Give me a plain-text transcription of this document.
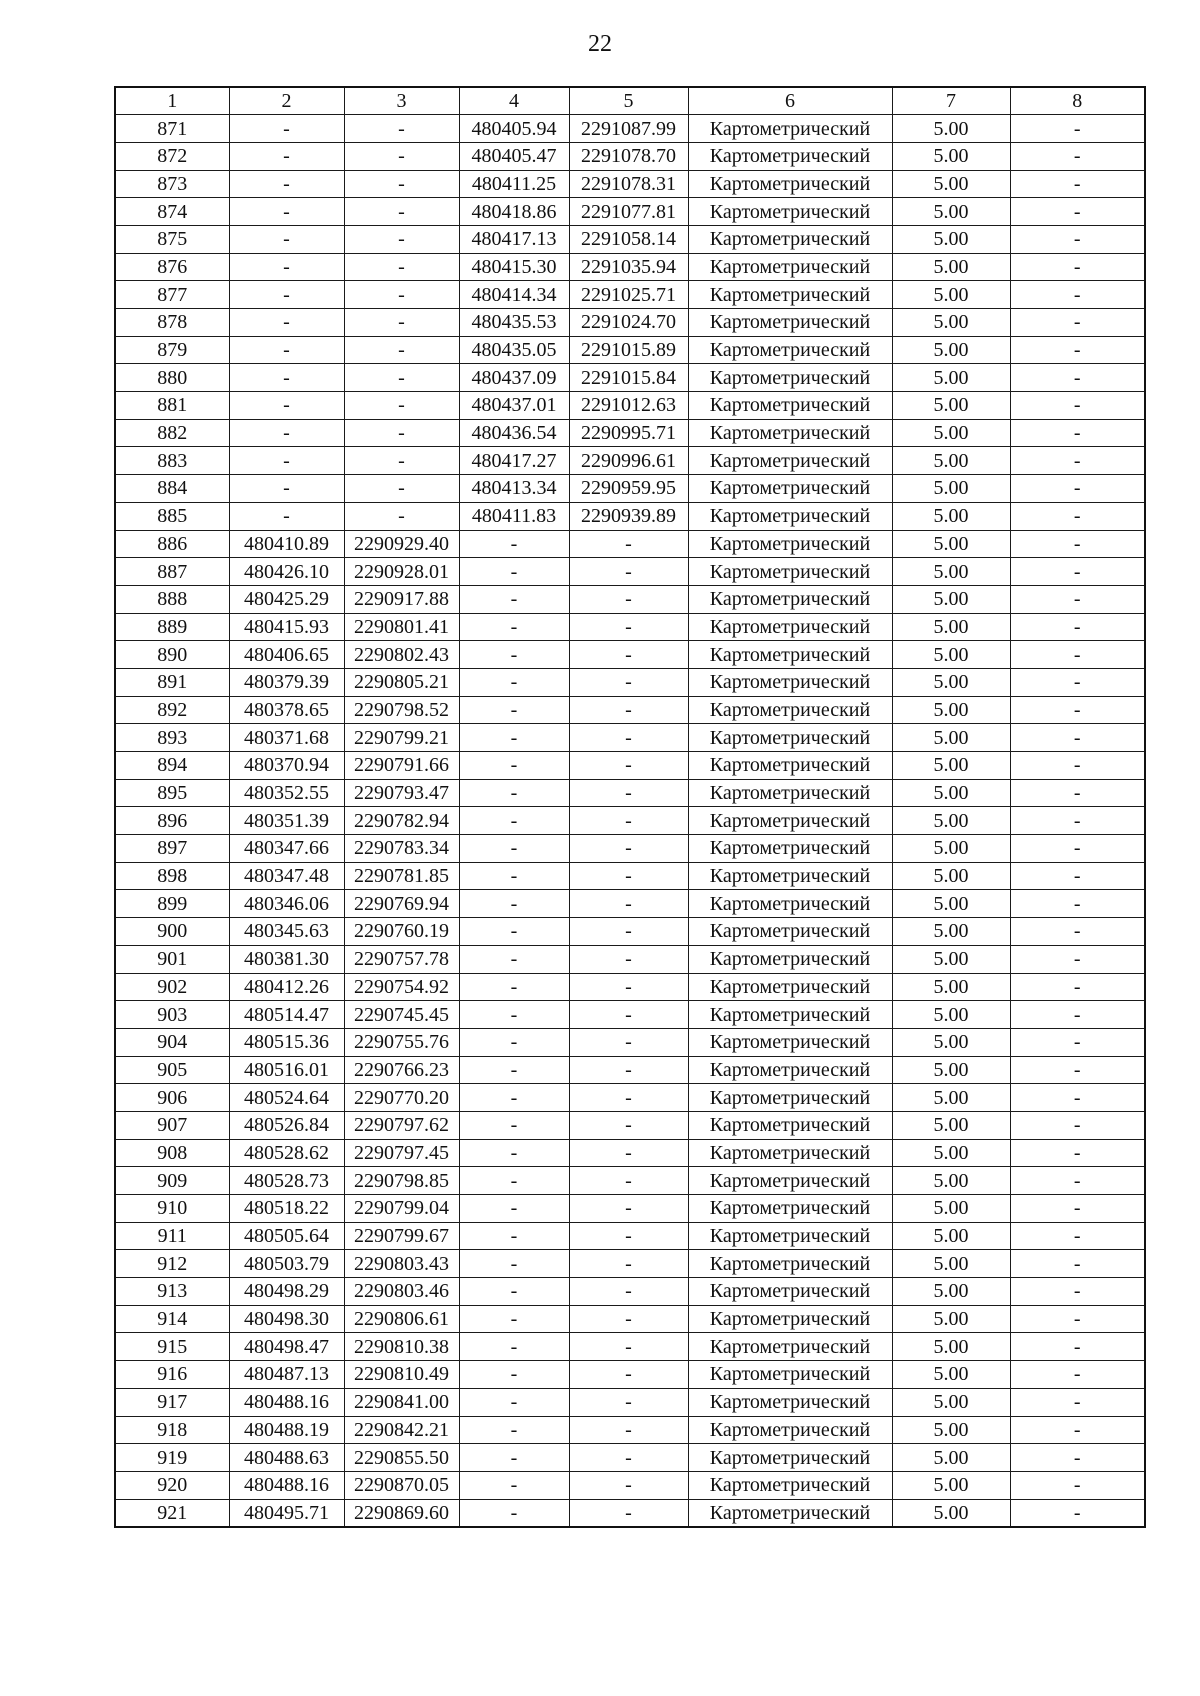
22
1	2	3	4	5	6	7	8
871	-	-	480405.94	2291087.99	Картометрический	5.00	-
872	-	-	480405.47	2291078.70	Картометрический	5.00	-
873	-	-	480411.25	2291078.31	Картометрический	5.00	-
874	-	-	480418.86	2291077.81	Картометрический	5.00	-
875	-	-	480417.13	2291058.14	Картометрический	5.00	-
876	-	-	480415.30	2291035.94	Картометрический	5.00	-
877	-	-	480414.34	2291025.71	Картометрический	5.00	-
878	-	-	480435.53	2291024.70	Картометрический	5.00	-
879	-	-	480435.05	2291015.89	Картометрический	5.00	-
880	-	-	480437.09	2291015.84	Картометрический	5.00	-
881	-	-	480437.01	2291012.63	Картометрический	5.00	-
882	-	-	480436.54	2290995.71	Картометрический	5.00	-
883	-	-	480417.27	2290996.61	Картометрический	5.00	-
884	-	-	480413.34	2290959.95	Картометрический	5.00	-
885	-	-	480411.83	2290939.89	Картометрический	5.00	-
886	480410.89	2290929.40	-	-	Картометрический	5.00	-
887	480426.10	2290928.01	-	-	Картометрический	5.00	-
888	480425.29	2290917.88	-	-	Картометрический	5.00	-
889	480415.93	2290801.41	-	-	Картометрический	5.00	-
890	480406.65	2290802.43	-	-	Картометрический	5.00	-
891	480379.39	2290805.21	-	-	Картометрический	5.00	-
892	480378.65	2290798.52	-	-	Картометрический	5.00	-
893	480371.68	2290799.21	-	-	Картометрический	5.00	-
894	480370.94	2290791.66	-	-	Картометрический	5.00	-
895	480352.55	2290793.47	-	-	Картометрический	5.00	-
896	480351.39	2290782.94	-	-	Картометрический	5.00	-
897	480347.66	2290783.34	-	-	Картометрический	5.00	-
898	480347.48	2290781.85	-	-	Картометрический	5.00	-
899	480346.06	2290769.94	-	-	Картометрический	5.00	-
900	480345.63	2290760.19	-	-	Картометрический	5.00	-
901	480381.30	2290757.78	-	-	Картометрический	5.00	-
902	480412.26	2290754.92	-	-	Картометрический	5.00	-
903	480514.47	2290745.45	-	-	Картометрический	5.00	-
904	480515.36	2290755.76	-	-	Картометрический	5.00	-
905	480516.01	2290766.23	-	-	Картометрический	5.00	-
906	480524.64	2290770.20	-	-	Картометрический	5.00	-
907	480526.84	2290797.62	-	-	Картометрический	5.00	-
908	480528.62	2290797.45	-	-	Картометрический	5.00	-
909	480528.73	2290798.85	-	-	Картометрический	5.00	-
910	480518.22	2290799.04	-	-	Картометрический	5.00	-
911	480505.64	2290799.67	-	-	Картометрический	5.00	-
912	480503.79	2290803.43	-	-	Картометрический	5.00	-
913	480498.29	2290803.46	-	-	Картометрический	5.00	-
914	480498.30	2290806.61	-	-	Картометрический	5.00	-
915	480498.47	2290810.38	-	-	Картометрический	5.00	-
916	480487.13	2290810.49	-	-	Картометрический	5.00	-
917	480488.16	2290841.00	-	-	Картометрический	5.00	-
918	480488.19	2290842.21	-	-	Картометрический	5.00	-
919	480488.63	2290855.50	-	-	Картометрический	5.00	-
920	480488.16	2290870.05	-	-	Картометрический	5.00	-
921	480495.71	2290869.60	-	-	Картометрический	5.00	-
